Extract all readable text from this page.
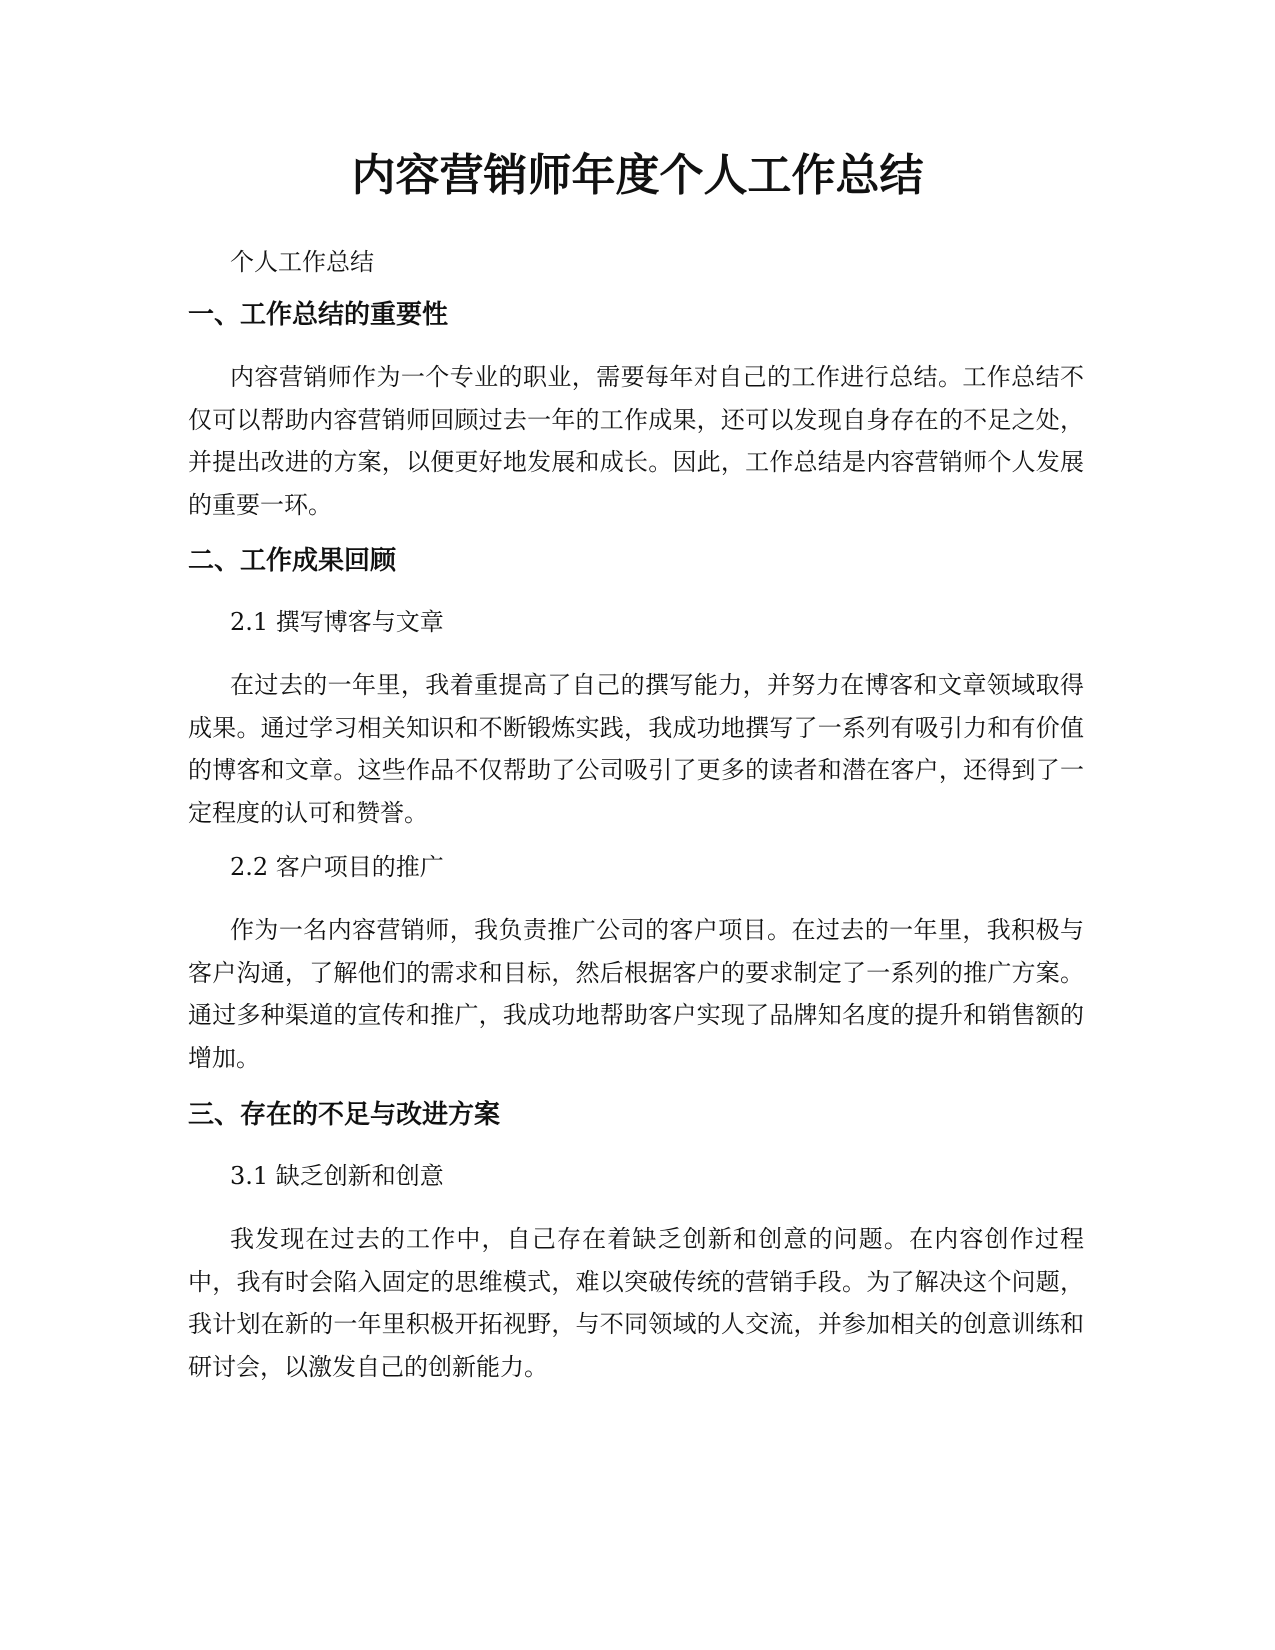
内容营销师年度个人工作总结

个人工作总结

一、工作总结的重要性

内容营销师作为一个专业的职业，需要每年对自己的工作进行总结。工作总结不仅可以帮助内容营销师回顾过去一年的工作成果，还可以发现自身存在的不足之处，并提出改进的方案，以便更好地发展和成长。因此，工作总结是内容营销师个人发展的重要一环。

二、工作成果回顾

2.1 撰写博客与文章

在过去的一年里，我着重提高了自己的撰写能力，并努力在博客和文章领域取得成果。通过学习相关知识和不断锻炼实践，我成功地撰写了一系列有吸引力和有价值的博客和文章。这些作品不仅帮助了公司吸引了更多的读者和潜在客户，还得到了一定程度的认可和赞誉。

2.2 客户项目的推广

作为一名内容营销师，我负责推广公司的客户项目。在过去的一年里，我积极与客户沟通，了解他们的需求和目标，然后根据客户的要求制定了一系列的推广方案。通过多种渠道的宣传和推广，我成功地帮助客户实现了品牌知名度的提升和销售额的增加。

三、存在的不足与改进方案

3.1 缺乏创新和创意

我发现在过去的工作中，自己存在着缺乏创新和创意的问题。在内容创作过程中，我有时会陷入固定的思维模式，难以突破传统的营销手段。为了解决这个问题，我计划在新的一年里积极开拓视野，与不同领域的人交流，并参加相关的创意训练和研讨会，以激发自己的创新能力。
